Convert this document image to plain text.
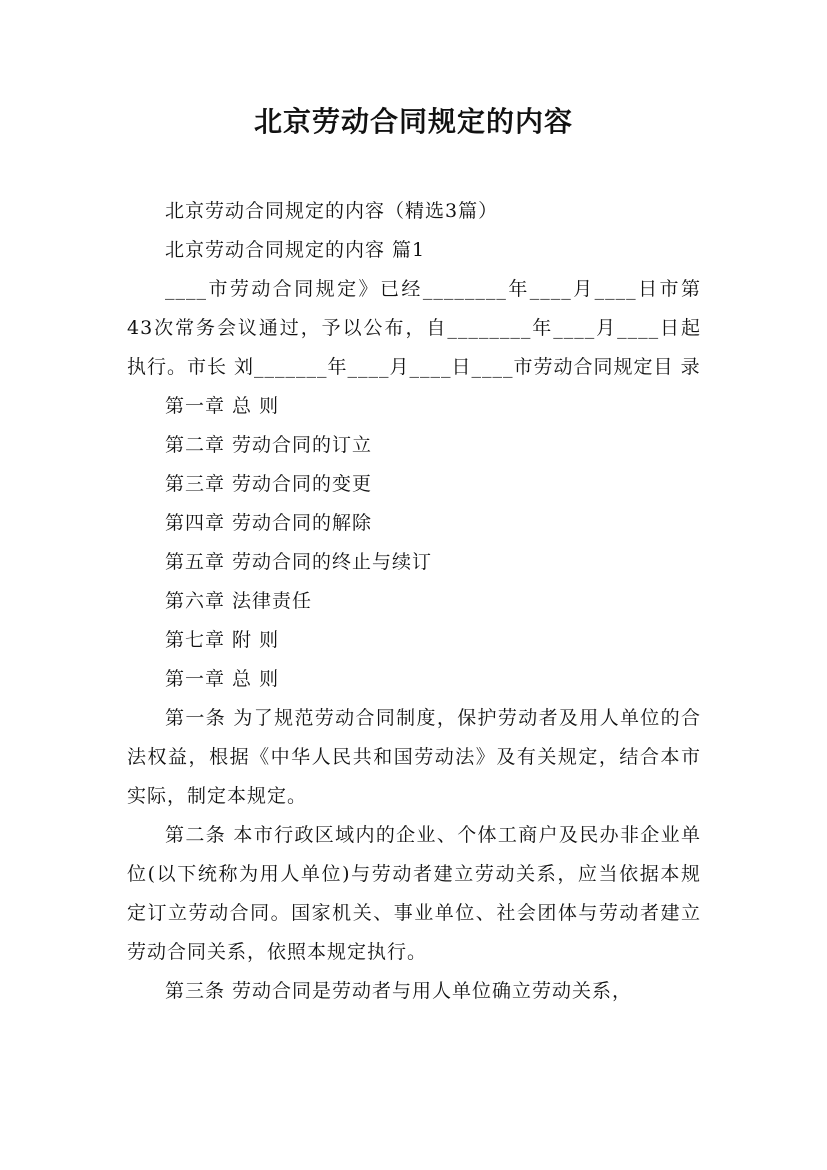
北京劳动合同规定的内容

北京劳动合同规定的内容（精选3篇）

北京劳动合同规定的内容 篇1

____市劳动合同规定》已经________年____月____日市第43次常务会议通过，予以公布，自________年____月____日起执行。市长 刘_______年____月____日____市劳动合同规定目 录

第一章 总 则

第二章 劳动合同的订立

第三章 劳动合同的变更

第四章 劳动合同的解除

第五章 劳动合同的终止与续订

第六章 法律责任

第七章 附 则

第一章 总 则

第一条 为了规范劳动合同制度，保护劳动者及用人单位的合法权益，根据《中华人民共和国劳动法》及有关规定，结合本市实际，制定本规定。

第二条 本市行政区域内的企业、个体工商户及民办非企业单位(以下统称为用人单位)与劳动者建立劳动关系，应当依据本规定订立劳动合同。国家机关、事业单位、社会团体与劳动者建立劳动合同关系，依照本规定执行。

第三条 劳动合同是劳动者与用人单位确立劳动关系，
